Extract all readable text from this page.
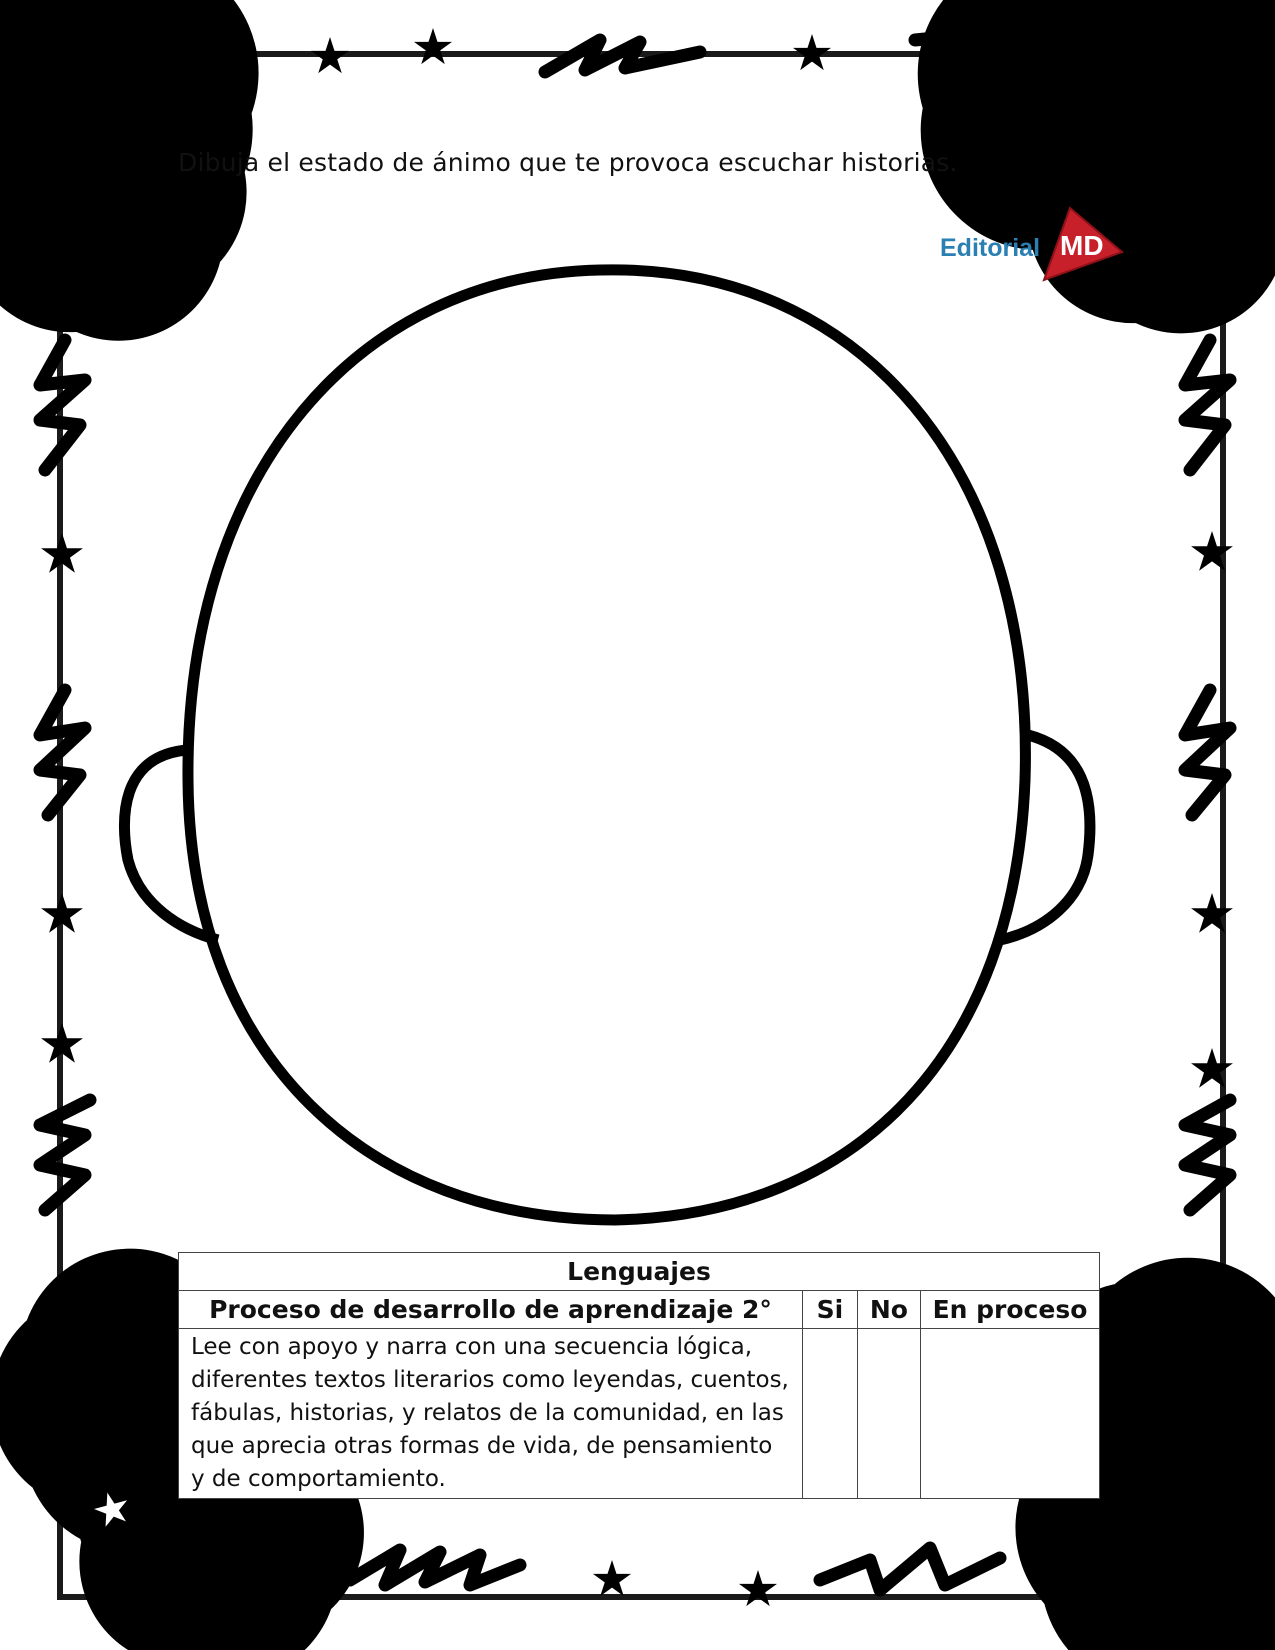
Dibuja el estado de ánimo que te provoca escuchar historias.
Editorial MD
Lenguajes			
Proceso de desarrollo de aprendizaje 2°	Si	No	En proceso
Lee con apoyo y narra con una secuencia lógica, diferentes textos literarios como leyendas, cuentos, fábulas, historias, y relatos de la comunidad, en las que aprecia otras formas de vida, de pensamiento y de comportamiento.			
